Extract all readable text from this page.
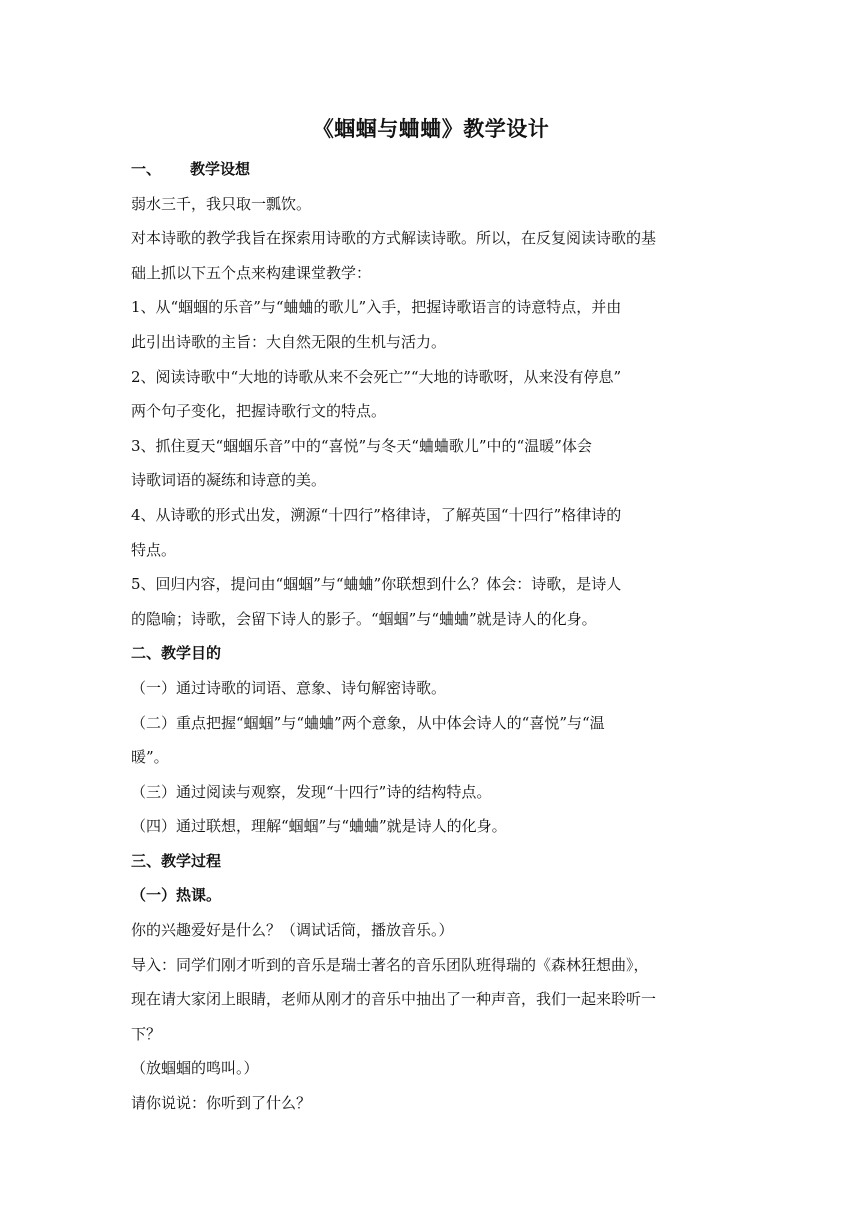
《蝈蝈与蛐蛐》教学设计
一、	教学设想

弱水三千，我只取一瓢饮。

对本诗歌的教学我旨在探索用诗歌的方式解读诗歌。所以，在反复阅读诗歌的基

础上抓以下五个点来构建课堂教学：

1、从“蝈蝈的乐音”与“蛐蛐的歌儿”入手，把握诗歌语言的诗意特点，并由

此引出诗歌的主旨：大自然无限的生机与活力。

2、阅读诗歌中“大地的诗歌从来不会死亡”“大地的诗歌呀，从来没有停息”

两个句子变化，把握诗歌行文的特点。

3、抓住夏天“蝈蝈乐音”中的“喜悦”与冬天“蛐蛐歌儿”中的“温暖”体会

诗歌词语的凝练和诗意的美。

4、从诗歌的形式出发，溯源“十四行”格律诗，了解英国“十四行”格律诗的

特点。

5、回归内容，提问由“蝈蝈”与“蛐蛐”你联想到什么？体会：诗歌，是诗人

的隐喻；诗歌，会留下诗人的影子。“蝈蝈”与“蛐蛐”就是诗人的化身。

二、教学目的

（一）通过诗歌的词语、意象、诗句解密诗歌。

（二）重点把握“蝈蝈”与“蛐蛐”两个意象，从中体会诗人的“喜悦”与“温

暖”。

（三）通过阅读与观察，发现“十四行”诗的结构特点。

（四）通过联想，理解“蝈蝈”与“蛐蛐”就是诗人的化身。

三、教学过程

（一）热课。

你的兴趣爱好是什么？（调试话筒，播放音乐。）

导入：同学们刚才听到的音乐是瑞士著名的音乐团队班得瑞的《森林狂想曲》，

现在请大家闭上眼睛，老师从刚才的音乐中抽出了一种声音，我们一起来聆听一

下？

（放蝈蝈的鸣叫。）

请你说说：你听到了什么？
